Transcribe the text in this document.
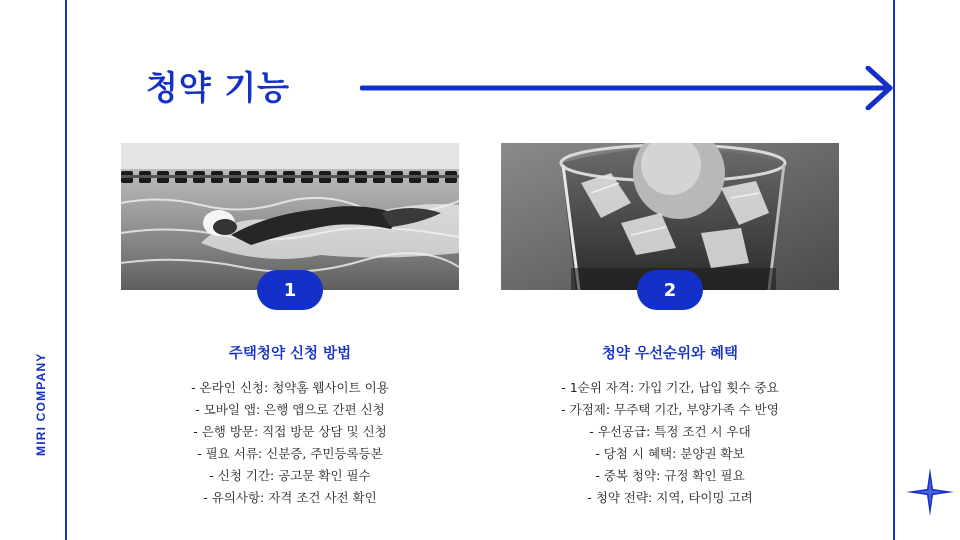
MIRI COMPANY
청약 기능
1	2
주택청약 신청 방법
- 온라인 신청: 청약홈 웹사이트 이용
- 모바일 앱: 은행 앱으로 간편 신청
- 은행 방문: 직접 방문 상담 및 신청
- 필요 서류: 신분증, 주민등록등본
- 신청 기간: 공고문 확인 필수
- 유의사항: 자격 조건 사전 확인
청약 우선순위와 혜택
- 1순위 자격: 가입 기간, 납입 횟수 중요
- 가점제: 무주택 기간, 부양가족 수 반영
- 우선공급: 특정 조건 시 우대
- 당첨 시 혜택: 분양권 확보
- 중복 청약: 규정 확인 필요
- 청약 전략: 지역, 타이밍 고려
